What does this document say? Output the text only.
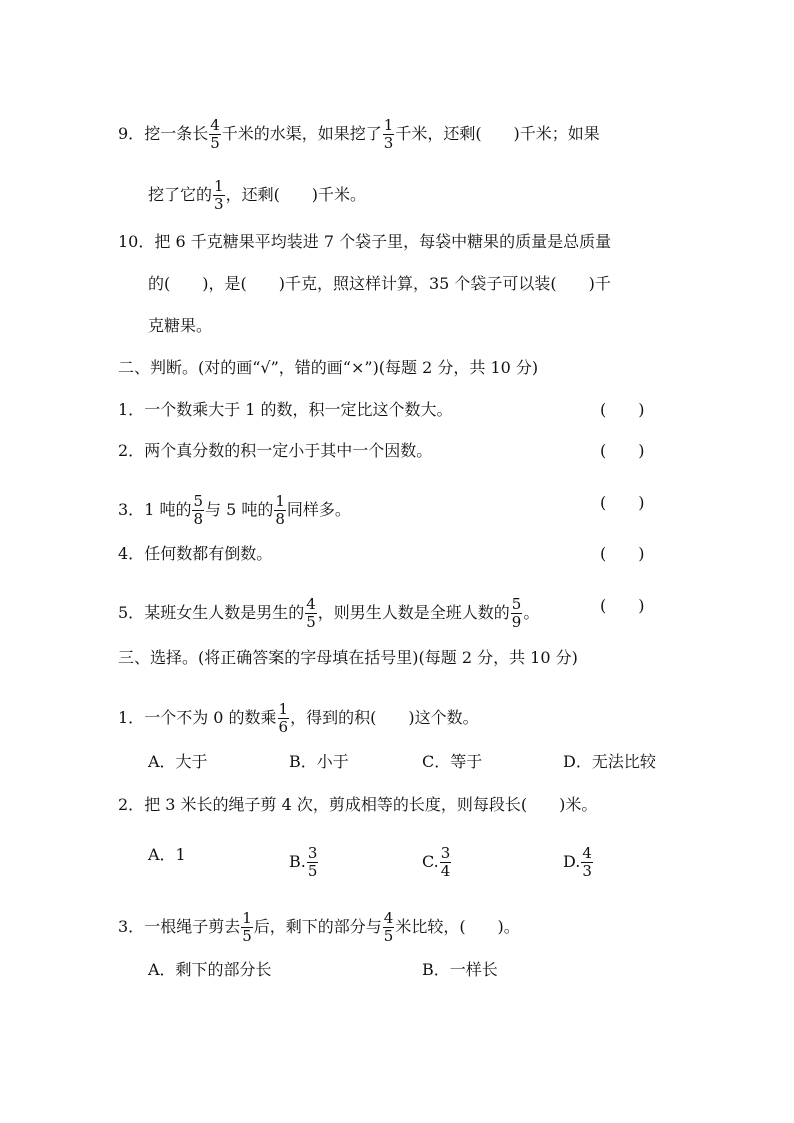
9．挖一条长 $\frac{4}{5}$ 千米的水渠，如果挖了 $\frac{1}{3}$ 千米，还剩(　　)千米；如果
挖了它的 $\frac{1}{3}$ ，还剩(　　)千米。
10．把 6 千克糖果平均装进 7 个袋子里，每袋中糖果的质量是总质量
的(　　)，是(　　)千克，照这样计算，35 个袋子可以装(　　)千
克糖果。
二、判断。(对的画“√”，错的画“×”)(每题 2 分，共 10 分)
1．一个数乘大于 1 的数，积一定比这个数大。	(　　)
2．两个真分数的积一定小于其中一个因数。	(　　)
3．1 吨的 $\frac{5}{8}$ 与 5 吨的 $\frac{1}{8}$ 同样多。	(　　)
4．任何数都有倒数。	(　　)
5．某班女生人数是男生的 $\frac{4}{5}$ ，则男生人数是全班人数的 $\frac{5}{9}$ 。	(　　)
三、选择。(将正确答案的字母填在括号里)(每题 2 分，共 10 分)
1．一个不为 0 的数乘 $\frac{1}{6}$ ，得到的积(　　)这个数。
A．大于	B．小于	C．等于	D．无法比较
2．把 3 米长的绳子剪 4 次，剪成相等的长度，则每段长(　　)米。
A．1	B. $\frac{3}{5}$	C. $\frac{3}{4}$	D. $\frac{4}{3}$
3．一根绳子剪去 $\frac{1}{5}$ 后，剩下的部分与 $\frac{4}{5}$ 米比较，(　　)。
A．剩下的部分长	B．一样长
